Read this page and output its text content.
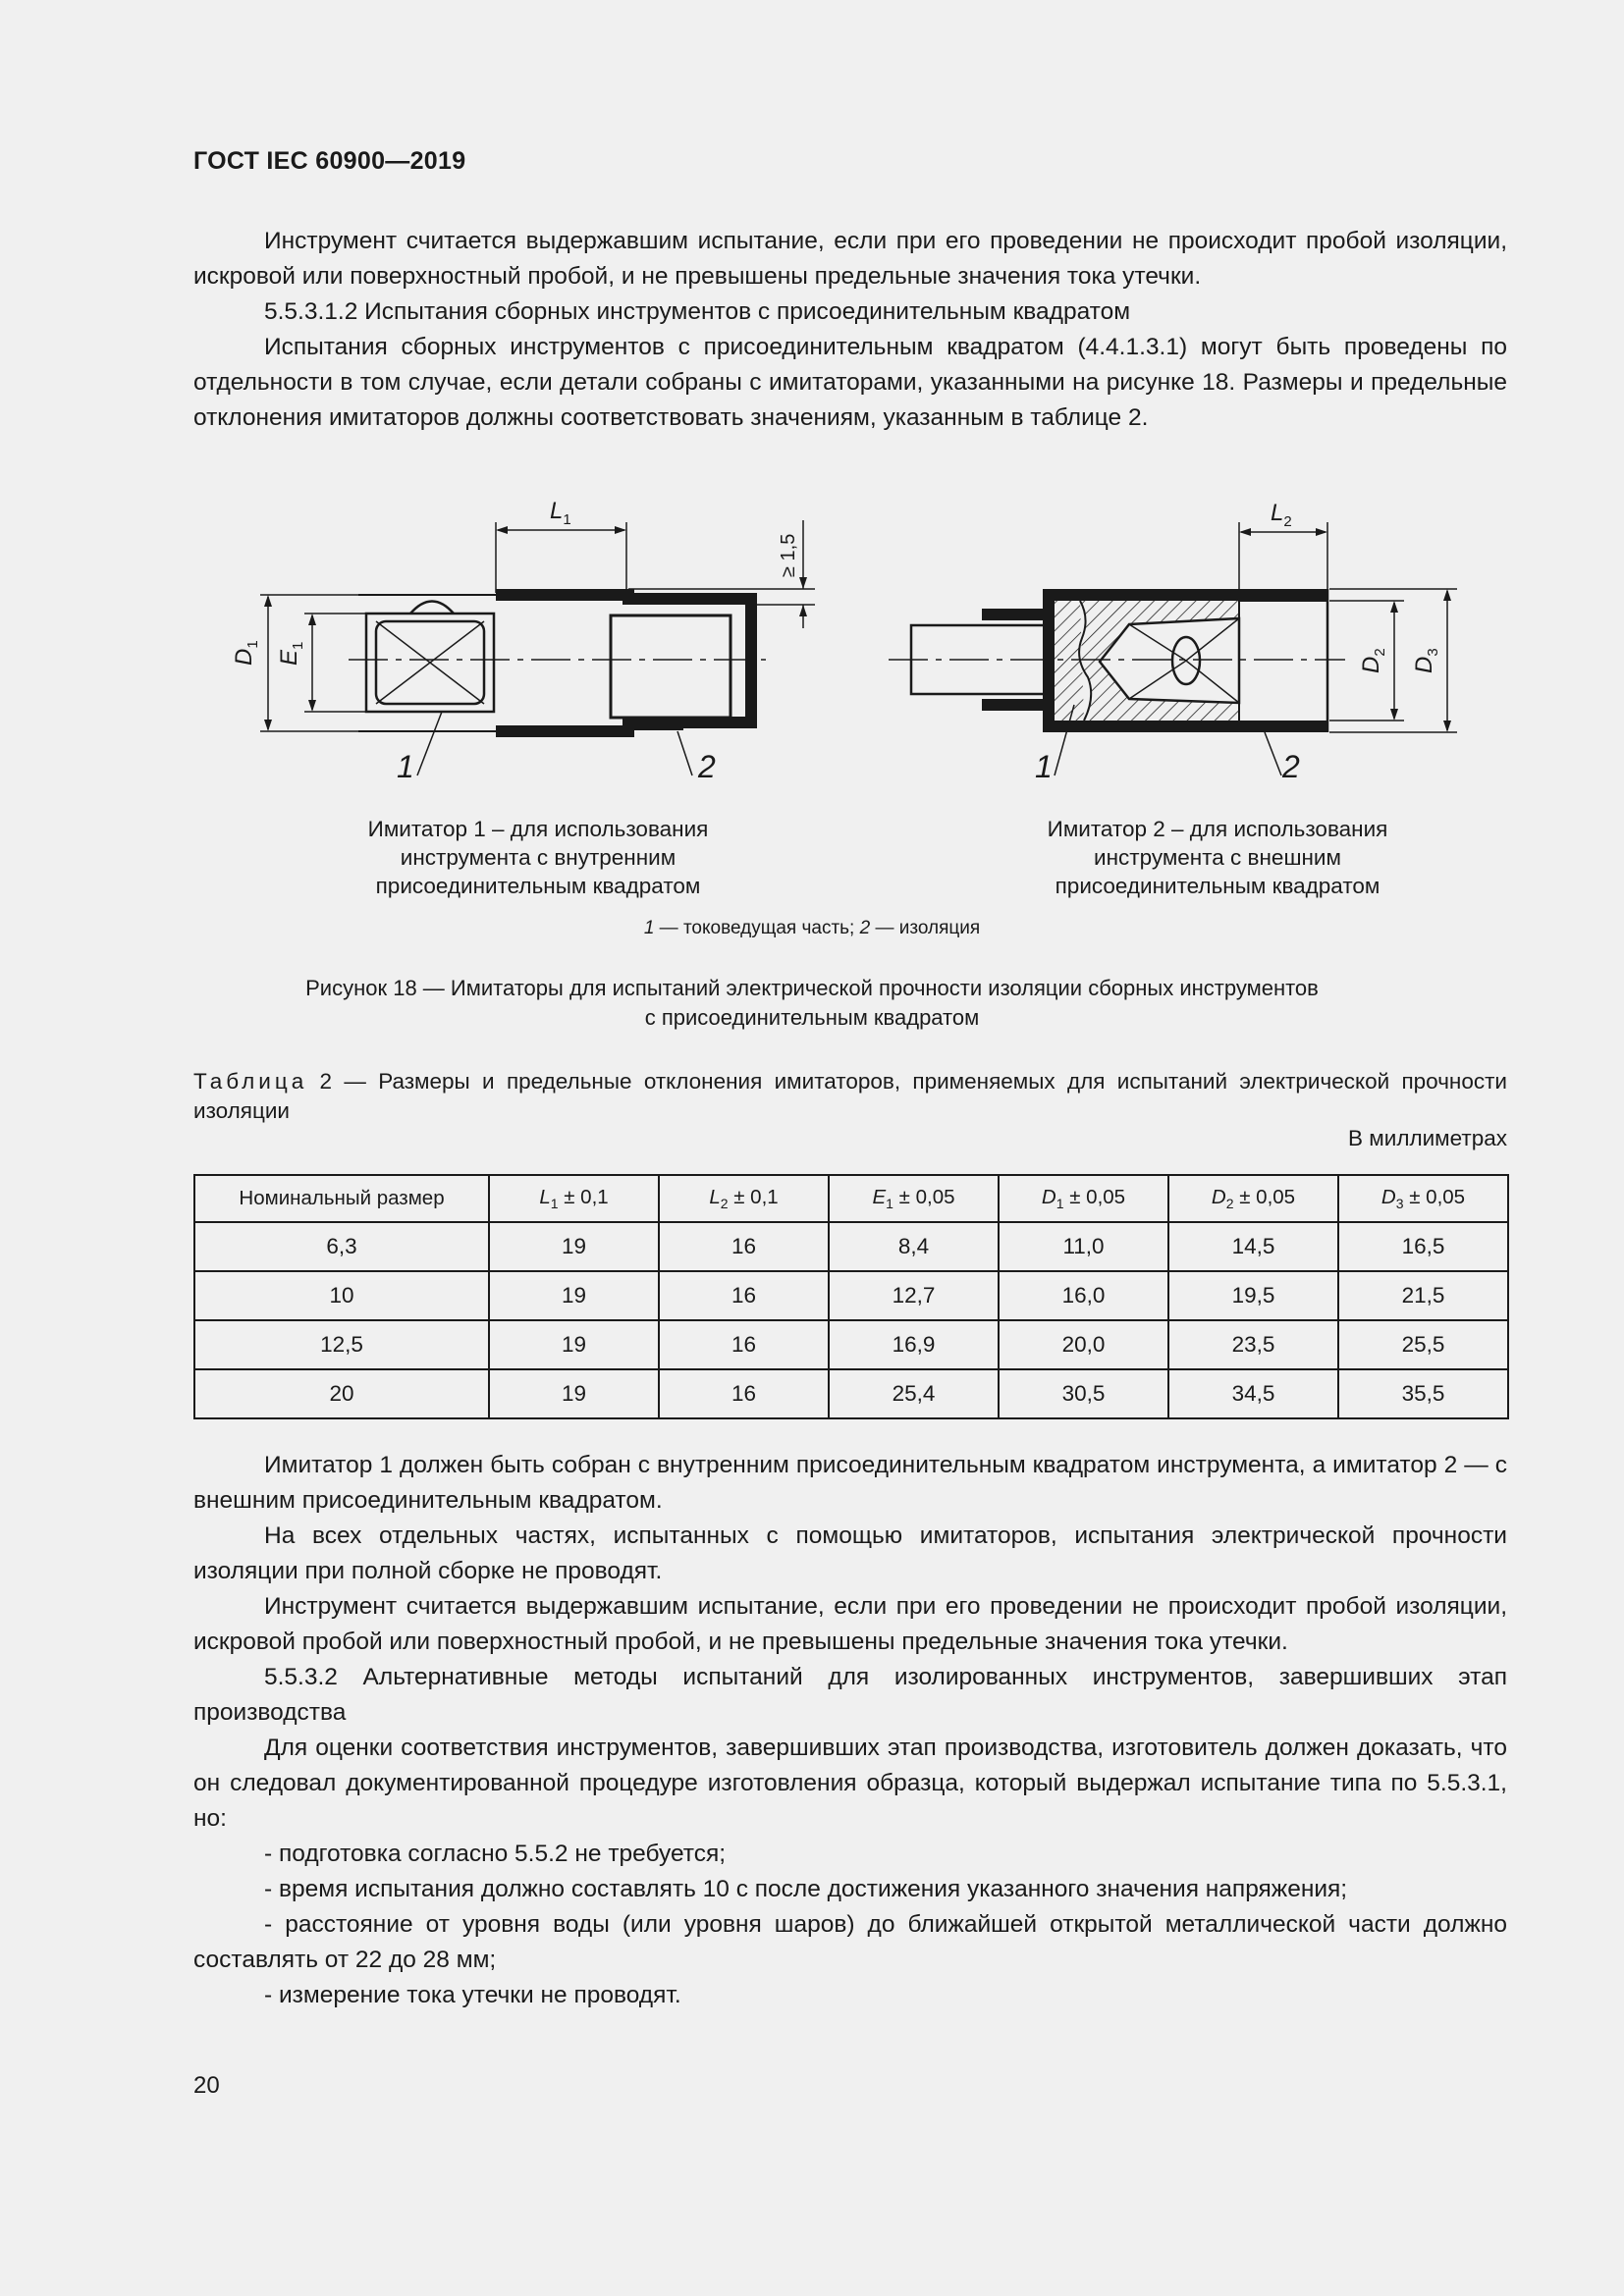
ГОСТ IEC 60900—2019

Инструмент считается выдержавшим испытание, если при его проведении не происходит пробой изоляции, искровой или поверхностный пробой, и не превышены предельные значения тока утечки.

5.5.3.1.2 Испытания сборных инструментов с присоединительным квадратом

Испытания сборных инструментов с присоединительным квадратом (4.4.1.3.1) могут быть проведены по отдельности в том случае, если детали собраны с имитаторами, указанными на рисунке 18. Размеры и предельные отклонения имитаторов должны соответствовать значениям, указанным в таблице 2.

$L_1$
$D_1$
$E_1$
≥ 1,5
1	2
$L_2$
$D_2$
$D_3$
1	2
Имитатор 1 – для использования
инструмента с внутренним
присоединительным квадратом
Имитатор 2 – для использования
инструмента с внешним
присоединительным квадратом
1 — токоведущая часть; 2 — изоляция
Рисунок 18 — Имитаторы для испытаний электрической прочности изоляции сборных инструментов
с присоединительным квадратом
Таблица 2 — Размеры и предельные отклонения имитаторов, применяемых для испытаний электрической прочности изоляции
В миллиметрах
Номинальный размер	$L_1 \pm 0,1$	$L_2 \pm 0,1$	$E_1 \pm 0,05$	$D_1 \pm 0,05$	$D_2 \pm 0,05$	$D_3 \pm 0,05$
6,3	19	16	8,4	11,0	14,5	16,5
10	19	16	12,7	16,0	19,5	21,5
12,5	19	16	16,9	20,0	23,5	25,5
20	19	16	25,4	30,5	34,5	35,5

Имитатор 1 должен быть собран с внутренним присоединительным квадратом инструмента, а имитатор 2 — с внешним присоединительным квадратом.

На всех отдельных частях, испытанных с помощью имитаторов, испытания электрической прочности изоляции при полной сборке не проводят.

Инструмент считается выдержавшим испытание, если при его проведении не происходит пробой изоляции, искровой пробой или поверхностный пробой, и не превышены предельные значения тока утечки.

5.5.3.2 Альтернативные методы испытаний для изолированных инструментов, завершивших этап производства

Для оценки соответствия инструментов, завершивших этап производства, изготовитель должен доказать, что он следовал документированной процедуре изготовления образца, который выдержал испытание типа по 5.5.3.1, но:

- подготовка согласно 5.5.2 не требуется;

- время испытания должно составлять 10 с после достижения указанного значения напряжения;

- расстояние от уровня воды (или уровня шаров) до ближайшей открытой металлической части должно составлять от 22 до 28 мм;

- измерение тока утечки не проводят.

20
